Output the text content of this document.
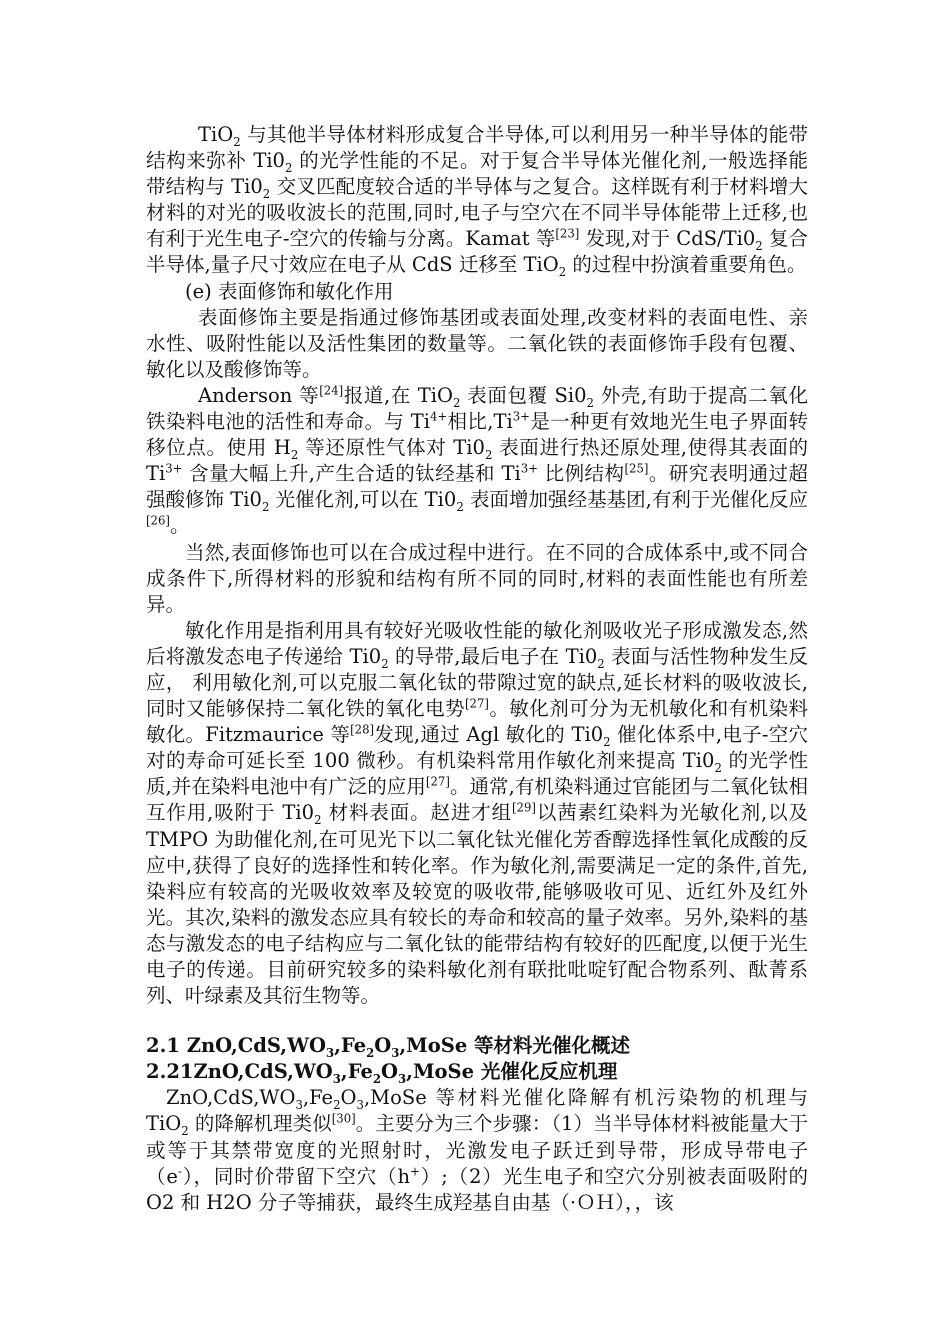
TiO$_2$ 与其他半导体材料形成复合半导体,可以利用另一种半导体的能带结构来弥补 $Ti0_2$ 的光学性能的不足。对于复合半导体光催化剂,一般选择能带结构与 $Ti0_2$ 交叉匹配度较合适的半导体与之复合。这样既有利于材料增大材料的对光的吸收波长的范围,同时,电子与空穴在不同半导体能带上迁移,也有利于光生电子-空穴的传输与分离。Kamat 等[23] 发现,对于 CdS/$Ti0_2$ 复合半导体,量子尺寸效应在电子从 CdS 迁移至 TiO$_2$ 的过程中扮演着重要角色。

(e) 表面修饰和敏化作用

表面修饰主要是指通过修饰基团或表面处理,改变材料的表面电性、亲水性、吸附性能以及活性集团的数量等。二氧化铁的表面修饰手段有包覆、敏化以及酸修饰等。

Anderson 等[24]报道,在 TiO$_2$ 表面包覆 $Si0_2$ 外壳,有助于提高二氧化铁染料电池的活性和寿命。与 $Ti^{4+}$相比$,Ti^{3+}$是一种更有效地光生电子界面转移位点。使用 $H_2$ 等还原性气体对 $Ti0_2$ 表面进行热还原处理,使得其表面的 $Ti^{3+}$ 含量大幅上升,产生合适的钛经基和 $Ti^{3+}$ 比例结构[25]。研究表明通过超强酸修饰 $Ti0_2$ 光催化剂,可以在 $Ti0_2$ 表面增加强经基基团,有利于光催化反应[26]。

当然,表面修饰也可以在合成过程中进行。在不同的合成体系中,或不同合成条件下,所得材料的形貌和结构有所不同的同时,材料的表面性能也有所差异。

敏化作用是指利用具有较好光吸收性能的敏化剂吸收光子形成激发态,然后将激发态电子传递给 $Ti0_2$ 的导带,最后电子在 $Ti0_2$ 表面与活性物种发生反应， 利用敏化剂,可以克服二氧化钛的带隙过宽的缺点,延长材料的吸收波长,同时又能够保持二氧化铁的氧化电势[27]。敏化剂可分为无机敏化和有机染料敏化。Fitzmaurice 等[28]发现,通过 Agl 敏化的 $Ti0_2$ 催化体系中,电子-空穴对的寿命可延长至 100 微秒。有机染料常用作敏化剂来提高 $Ti0_2$ 的光学性质,并在染料电池中有广泛的应用[27]。通常,有机染料通过官能团与二氧化钛相互作用,吸附于 $Ti0_2$ 材料表面。赵进才组[29]以茜素红染料为光敏化剂,以及 TMPO 为助催化剂,在可见光下以二氧化钛光催化芳香醇选择性氧化成酸的反应中,获得了良好的选择性和转化率。作为敏化剂,需要满足一定的条件,首先,染料应有较高的光吸收效率及较宽的吸收带,能够吸收可见、近红外及红外光。其次,染料的激发态应具有较长的寿命和较高的量子效率。另外,染料的基态与激发态的电子结构应与二氧化钛的能带结构有较好的匹配度,以便于光生电子的传递。目前研究较多的染料敏化剂有联批吡啶钌配合物系列、酞菁系列、叶绿素及其衍生物等。

2.1 $ZnO,CdS,WO_3,Fe_2O_3,MoSe$ 等材料光催化概述

$2.21ZnO,CdS,WO_3,Fe_2O_3,MoSe$ 光催化反应机理

$ZnO,CdS,WO_3,Fe_2O_3,MoSe$ 等材料光催化降解有机污染物的机理与 TiO$_2$ 的降解机理类似[30]。主要分为三个步骤：（1）当半导体材料被能量大于或等于其禁带宽度的光照射时，光激发电子跃迁到导带，形成导带电子（e-），同时价带留下空穴（h+）;（2）光生电子和空穴分别被表面吸附的 O2 和 H2O 分子等捕获，最终生成羟基自由基（·ＯＨ），，该
